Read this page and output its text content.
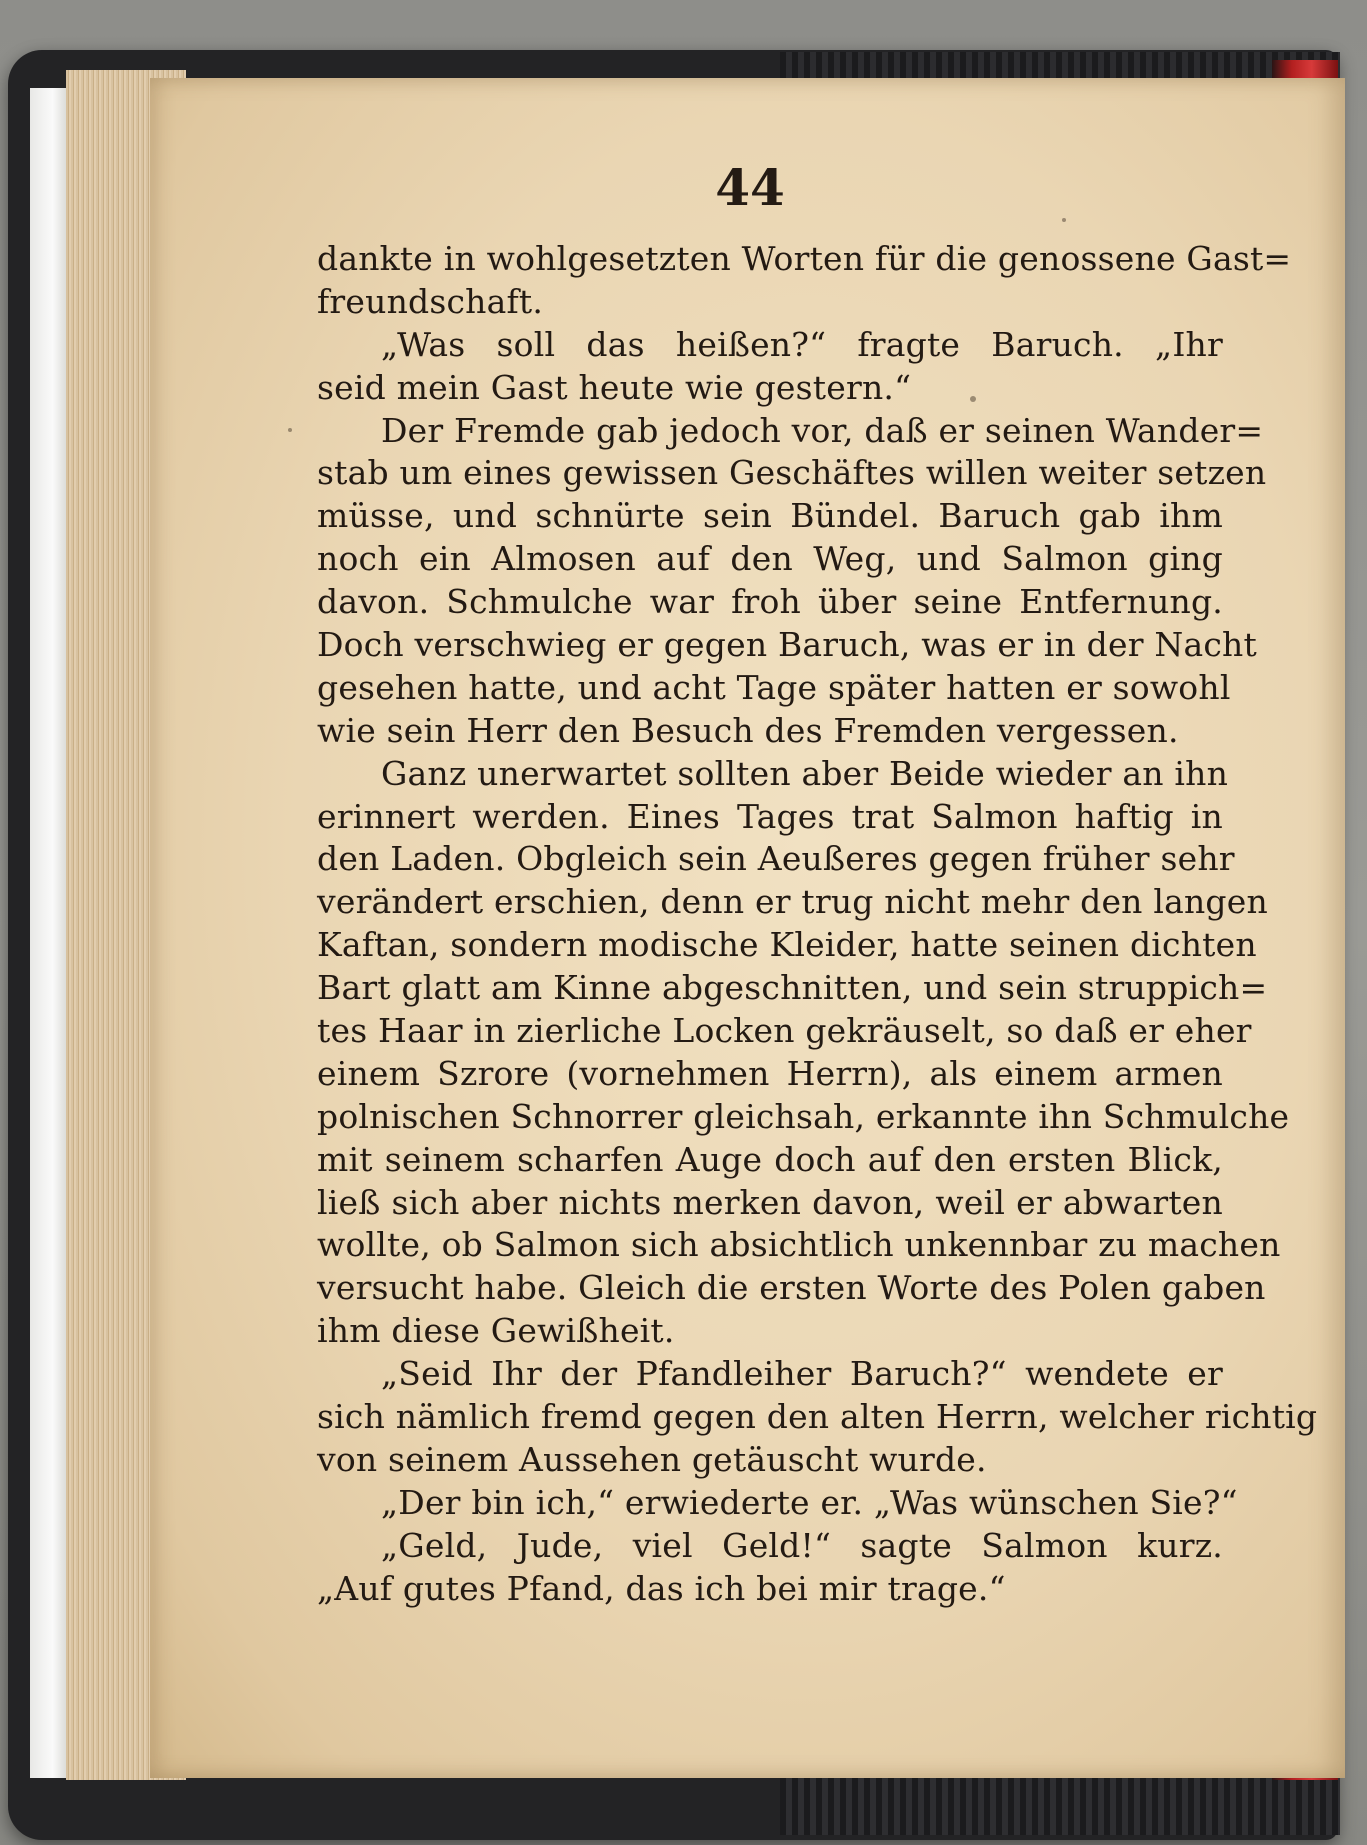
44
dankte in wohlgesetzten Worten für die genossene Gast=
freundschaft.
„Was soll das heißen?“ fragte Baruch. „Ihr
seid mein Gast heute wie gestern.“
Der Fremde gab jedoch vor, daß er seinen Wander=
stab um eines gewissen Geschäftes willen weiter setzen
müsse, und schnürte sein Bündel. Baruch gab ihm
noch ein Almosen auf den Weg, und Salmon ging
davon. Schmulche war froh über seine Entfernung.
Doch verschwieg er gegen Baruch, was er in der Nacht
gesehen hatte, und acht Tage später hatten er sowohl
wie sein Herr den Besuch des Fremden vergessen.
Ganz unerwartet sollten aber Beide wieder an ihn
erinnert werden. Eines Tages trat Salmon haftig in
den Laden. Obgleich sein Aeußeres gegen früher sehr
verändert erschien, denn er trug nicht mehr den langen
Kaftan, sondern modische Kleider, hatte seinen dichten
Bart glatt am Kinne abgeschnitten, und sein struppich=
tes Haar in zierliche Locken gekräuselt, so daß er eher
einem Szrore (vornehmen Herrn), als einem armen
polnischen Schnorrer gleichsah, erkannte ihn Schmulche
mit seinem scharfen Auge doch auf den ersten Blick,
ließ sich aber nichts merken davon, weil er abwarten
wollte, ob Salmon sich absichtlich unkennbar zu machen
versucht habe. Gleich die ersten Worte des Polen gaben
ihm diese Gewißheit.
„Seid Ihr der Pfandleiher Baruch?“ wendete er
sich nämlich fremd gegen den alten Herrn, welcher richtig
von seinem Aussehen getäuscht wurde.
„Der bin ich,“ erwiederte er. „Was wünschen Sie?“
„Geld, Jude, viel Geld!“ sagte Salmon kurz.
„Auf gutes Pfand, das ich bei mir trage.“
